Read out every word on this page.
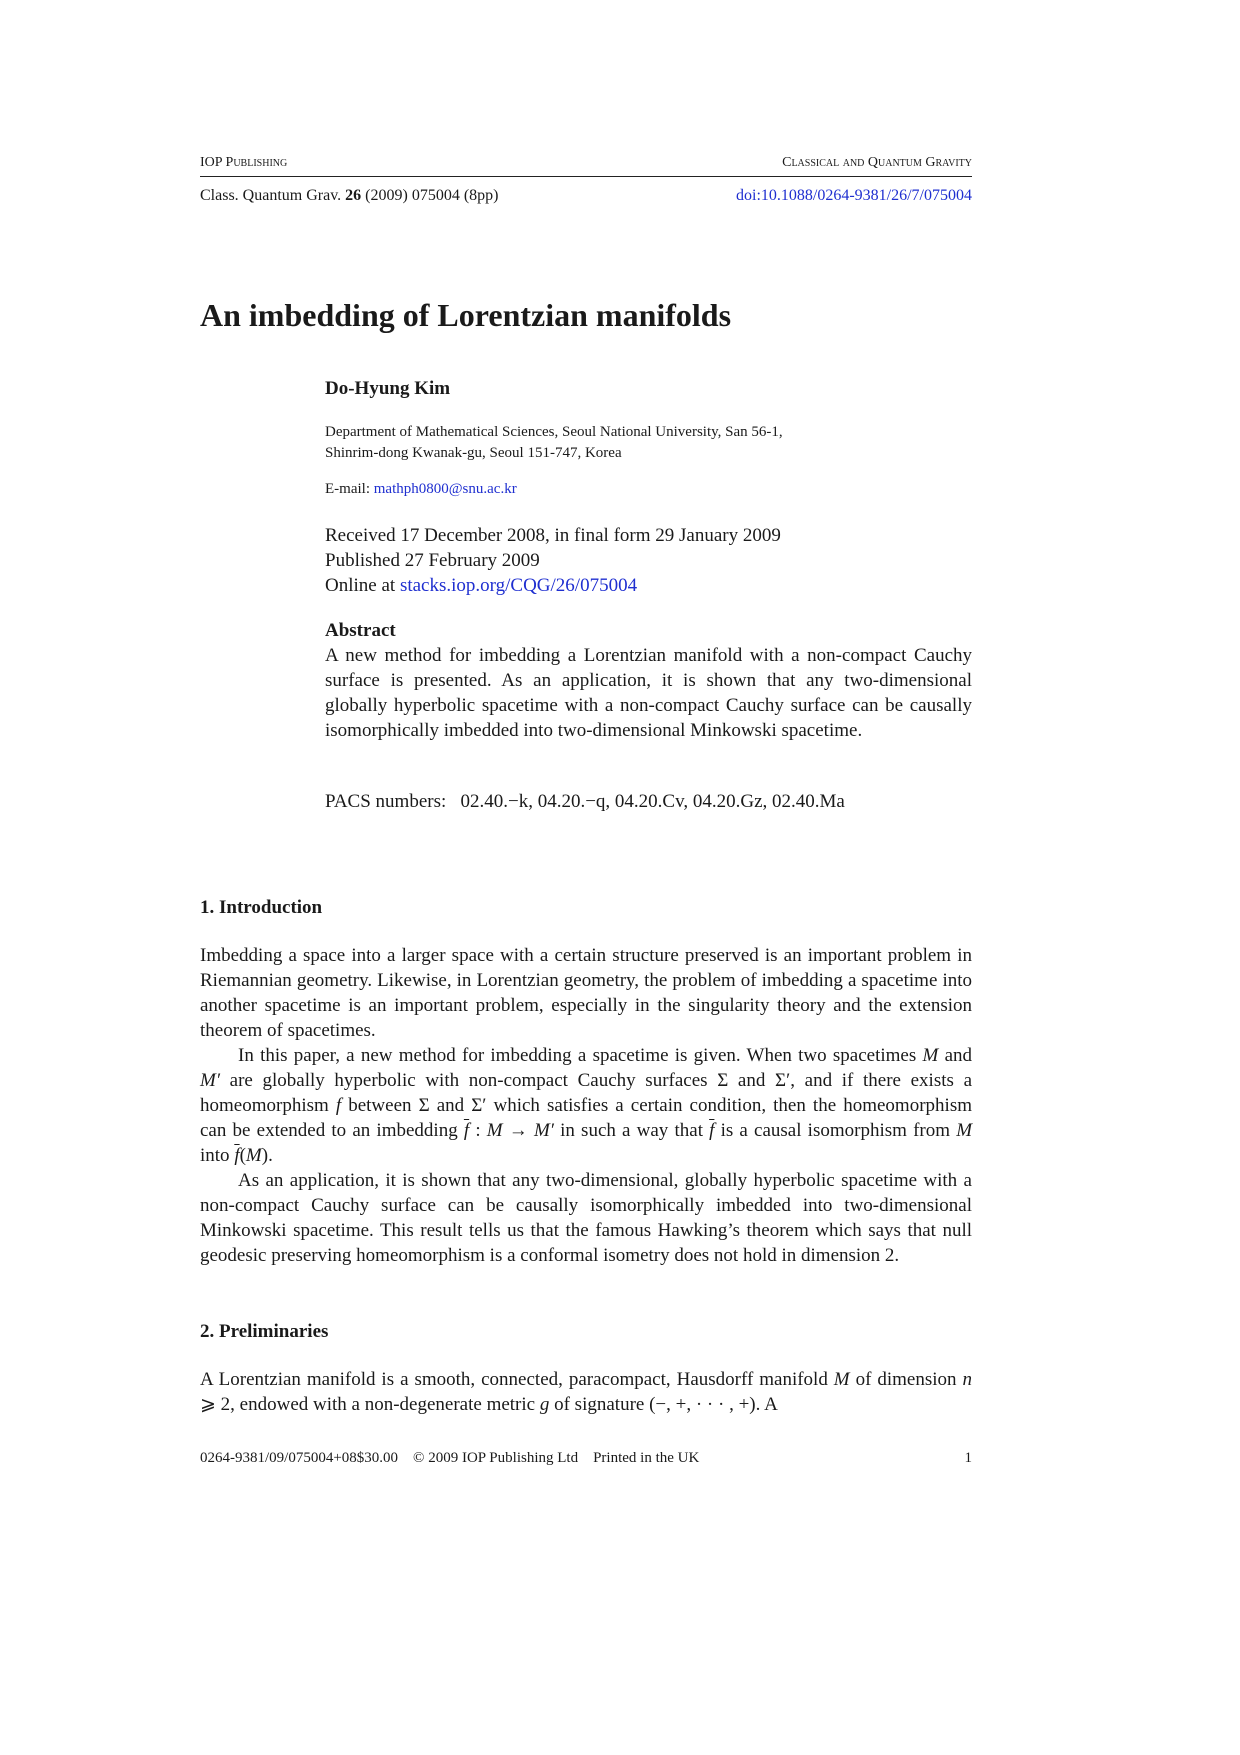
IOP Publishing	Classical and Quantum Gravity
Class. Quantum Grav. 26 (2009) 075004 (8pp)	doi:10.1088/0264-9381/26/7/075004
An imbedding of Lorentzian manifolds
Do-Hyung Kim
Department of Mathematical Sciences, Seoul National University, San 56-1,
Shinrim-dong Kwanak-gu, Seoul 151-747, Korea
E-mail: mathph0800@snu.ac.kr
Received 17 December 2008, in final form 29 January 2009
Published 27 February 2009
Online at stacks.iop.org/CQG/26/075004
Abstract
A new method for imbedding a Lorentzian manifold with a non-compact Cauchy surface is presented. As an application, it is shown that any two-dimensional globally hyperbolic spacetime with a non-compact Cauchy surface can be causally isomorphically imbedded into two-dimensional Minkowski spacetime.
PACS numbers: 02.40.−k, 04.20.−q, 04.20.Cv, 04.20.Gz, 02.40.Ma
1. Introduction

Imbedding a space into a larger space with a certain structure preserved is an important problem in Riemannian geometry. Likewise, in Lorentzian geometry, the problem of imbedding a spacetime into another spacetime is an important problem, especially in the singularity theory and the extension theorem of spacetimes.

In this paper, a new method for imbedding a spacetime is given. When two spacetimes M and M′ are globally hyperbolic with non-compact Cauchy surfaces Σ and Σ′, and if there exists a homeomorphism f between Σ and Σ′ which satisfies a certain condition, then the homeomorphism can be extended to an imbedding $\overline{f}$ : M → M′ in such a way that $\overline{f}$ is a causal isomorphism from M into $\overline{f}(M)$.

As an application, it is shown that any two-dimensional, globally hyperbolic spacetime with a non-compact Cauchy surface can be causally isomorphically imbedded into two-dimensional Minkowski spacetime. This result tells us that the famous Hawking’s theorem which says that null geodesic preserving homeomorphism is a conformal isometry does not hold in dimension 2.

2. Preliminaries

A Lorentzian manifold is a smooth, connected, paracompact, Hausdorff manifold M of dimension n ⩾ 2, endowed with a non-degenerate metric g of signature (−, +, · · · , +). A

0264-9381/09/075004+08$30.00 © 2009 IOP Publishing Ltd Printed in the UK	1
